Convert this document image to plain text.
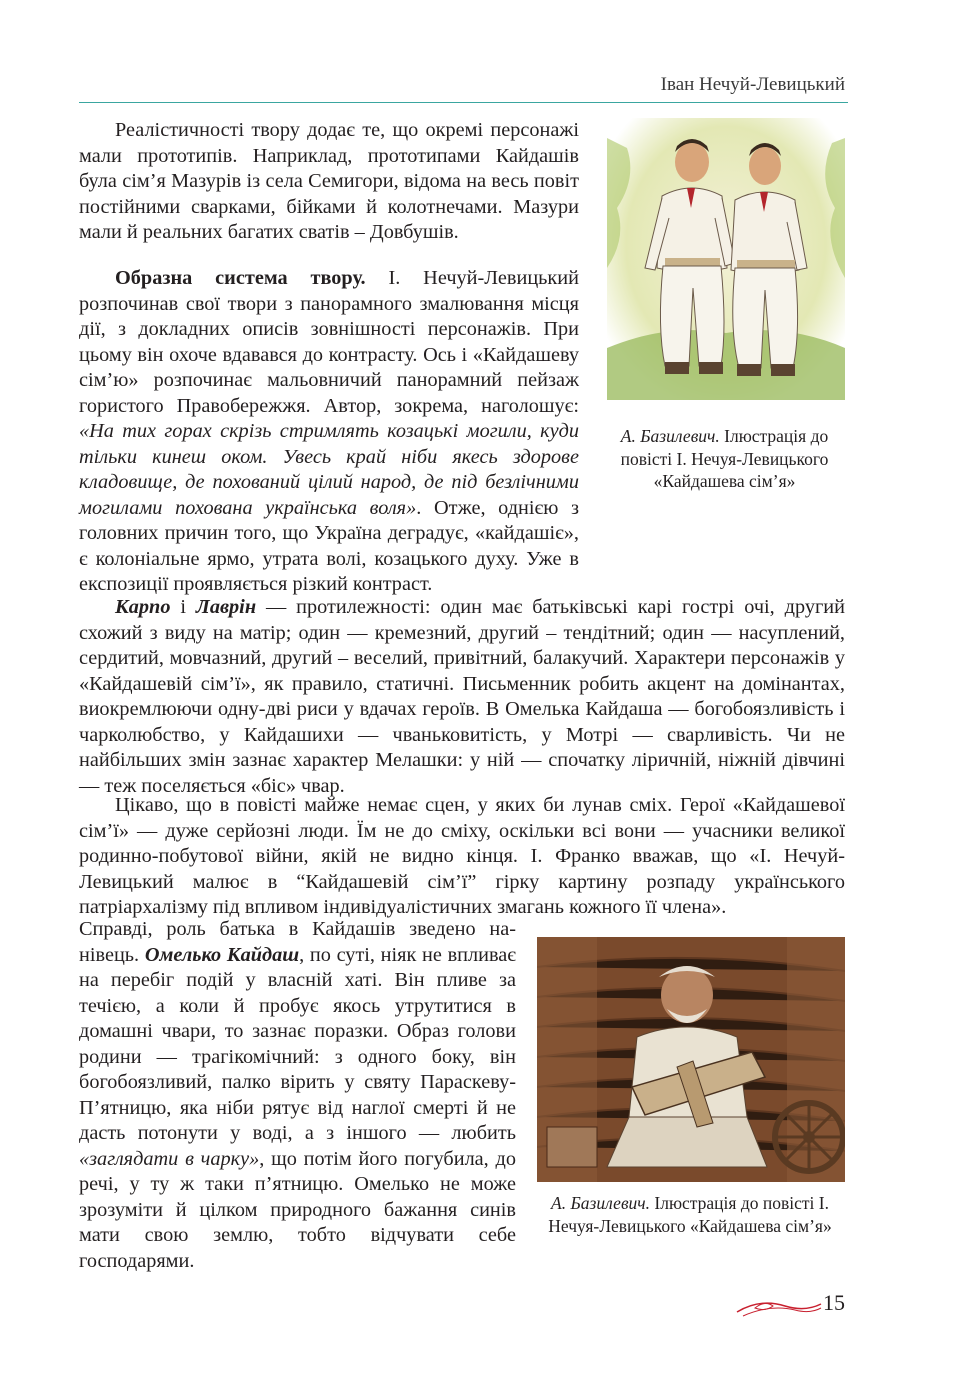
Іван Нечуй-Левицький

Реалістичності твору додає те, що окремі персонажі мали прототипів. Наприклад, прототипами Кайдашів була сім’я Мазурів із села Семигори, відома на весь повіт постійними сварками, бійками й колотнечами. Мазури мали й реальних багатих сватів – Довбушів.

Образна система твору. І. Нечуй-Левицький розпочинав свої твори з панорамного змалювання місця дії, з докладних описів зовнішності персонажів. При цьому він охоче вдавався до контрасту. Ось і «Кайдашеву сім’ю» розпочинає мальовничий панорамний пейзаж гористого Правобережжя. Автор, зокрема, наголошує: «На тих горах скрізь стримлять козацькі могили, куди тільки кинеш оком. Увесь край ніби якесь здорове кладовище, де похований цілий народ, де під безлічними могилами похована українська воля». Отже, однією з головних причин того, що Україна деградує, «кайдашіє», є колоніальне ярмо, утрата волі, козацького духу. Уже в експозиції проявляється різкий контраст.

Карпо і Лаврін — протилежності: один має батьківські карі гострі очі, другий схожий з виду на матір; один — кремезний, другий – тендітний; один — насуплений, сердитий, мовчазний, другий – веселий, привітний, балакучий. Характери персонажів у «Кайдашевій сім’ї», як правило, статичні. Письменник робить акцент на домінантах, виокремлюючи одну-дві риси у вдачах героїв. В Омелька Кайдаша — богобоязливість і чарколюбство, у Кайдашихи — чваньковитість, у Мотрі — сварливість. Чи не найбільших змін зазнає характер Мелашки: у ній — спочатку ліричній, ніжній дівчині — теж поселяється «біс» чвар.

Цікаво, що в повісті майже немає сцен, у яких би лунав сміх. Герої «Кайдашевої сім’ї» — дуже серйозні люди. Їм не до сміху, оскільки всі вони — учасники великої родинно-побутової війни, якій не видно кінця. І. Франко вважав, що «І. Нечуй-Левицький малює в “Кайдашевій сім’ї” гірку картину розпаду українського патріархалізму під впливом індивідуалістичних змагань кожного її члена».

Справді, роль батька в Кайдашів зведено нанівець. Омелько Кайдаш, по суті, ніяк не впливає на перебіг подій у власній хаті. Він пливе за течією, а коли й пробує якось утрутитися в домашні чвари, то зазнає поразки. Образ голови родини — трагікомічний: з одного боку, він богобоязливий, палко вірить у святу Параскеву-П’ятницю, яка ніби рятує від наглої смерті й не дасть потонути у воді, а з іншого — любить «заглядати в чарку», що потім його погубила, до речі, у ту ж таки п’ятницю. Омелько не може зрозуміти й цілком природного бажання синів мати свою землю, тобто відчувати себе господарями.

А. Базилевич. Ілюстрація до повісті І. Нечуя-Левицького «Кайдашева сім’я»

А. Базилевич. Ілюстрація до повісті І. Нечуя-Левицького «Кайдашева сім’я»

15
